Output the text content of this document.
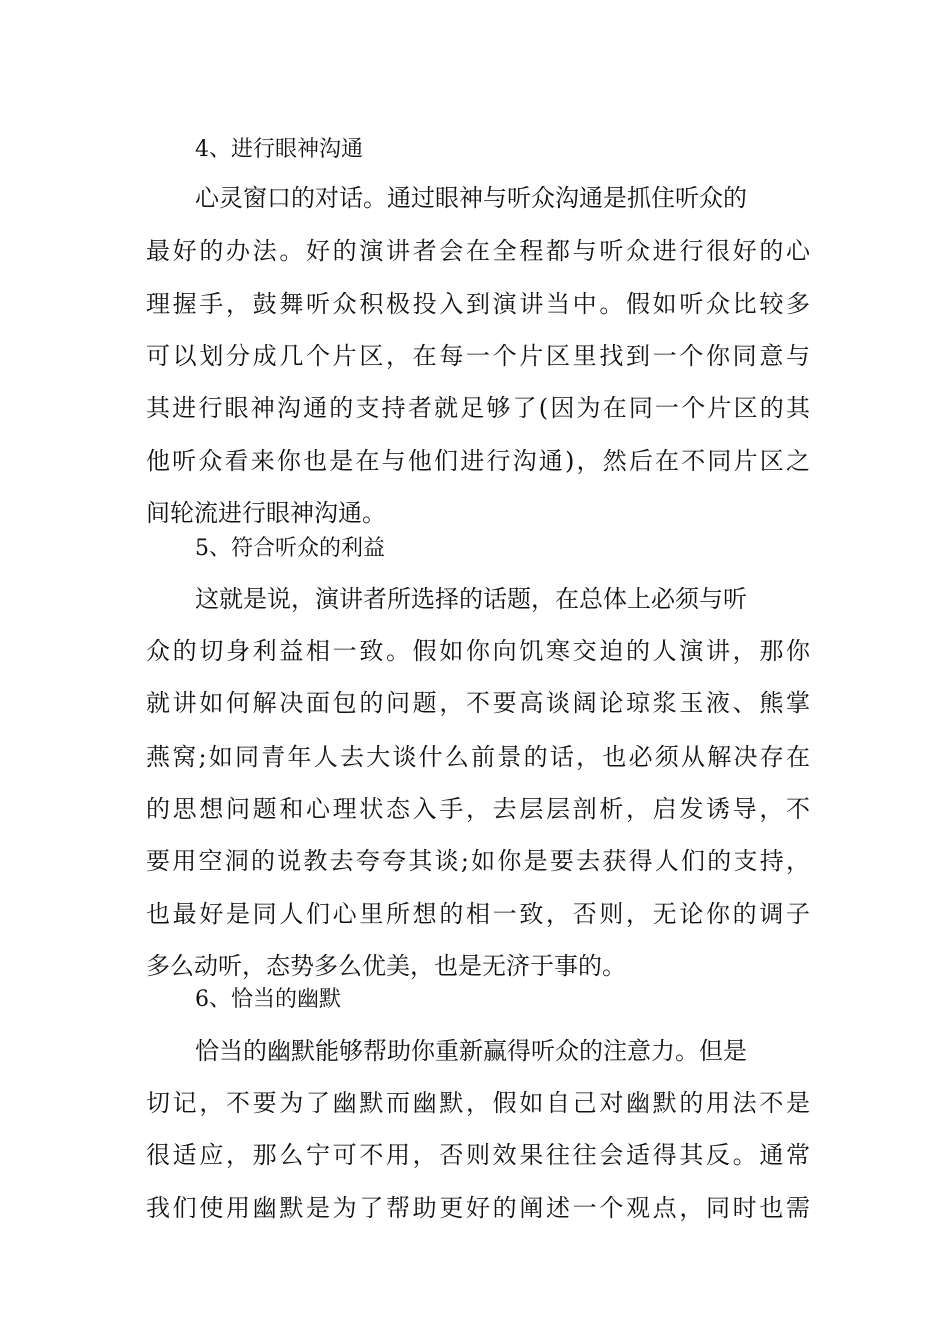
4、进行眼神沟通

心灵窗口的对话。通过眼神与听众沟通是抓住听众的

最好的办法。好的演讲者会在全程都与听众进行很好的心

理握手，鼓舞听众积极投入到演讲当中。假如听众比较多

可以划分成几个片区，在每一个片区里找到一个你同意与

其进行眼神沟通的支持者就足够了(因为在同一个片区的其

他听众看来你也是在与他们进行沟通)，然后在不同片区之

间轮流进行眼神沟通。

5、符合听众的利益

这就是说，演讲者所选择的话题，在总体上必须与听

众的切身利益相一致。假如你向饥寒交迫的人演讲，那你

就讲如何解决面包的问题，不要高谈阔论琼浆玉液、熊掌

燕窝;如同青年人去大谈什么前景的话，也必须从解决存在

的思想问题和心理状态入手，去层层剖析，启发诱导，不

要用空洞的说教去夸夸其谈;如你是要去获得人们的支持，

也最好是同人们心里所想的相一致，否则，无论你的调子

多么动听，态势多么优美，也是无济于事的。

6、恰当的幽默

恰当的幽默能够帮助你重新赢得听众的注意力。但是

切记，不要为了幽默而幽默，假如自己对幽默的用法不是

很适应，那么宁可不用，否则效果往往会适得其反。通常

我们使用幽默是为了帮助更好的阐述一个观点，同时也需
